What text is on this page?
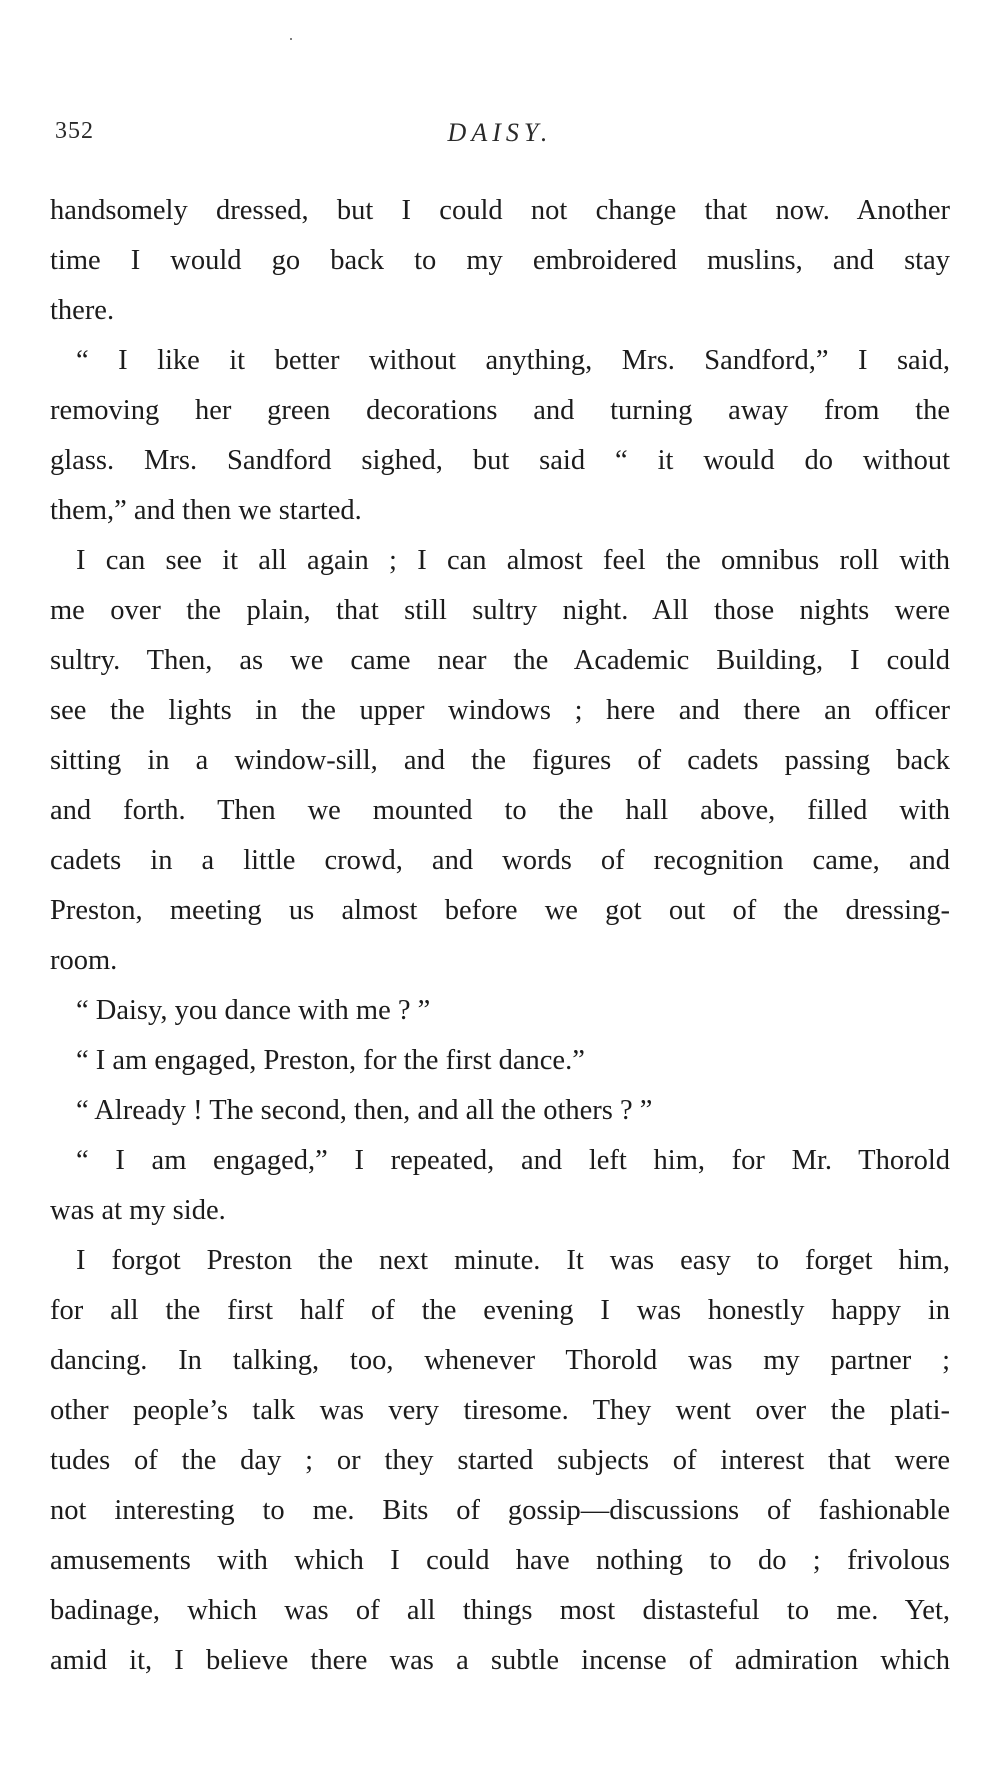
352	DAISY.
handsomely dressed, but I could not change that now. Another
time I would go back to my embroidered muslins, and stay
there.
“ I like it better without anything, Mrs. Sandford,” I said,
removing her green decorations and turning away from the
glass. Mrs. Sandford sighed, but said “ it would do without
them,” and then we started.
I can see it all again ; I can almost feel the omnibus roll with
me over the plain, that still sultry night. All those nights were
sultry. Then, as we came near the Academic Building, I could
see the lights in the upper windows ; here and there an officer
sitting in a window-sill, and the figures of cadets passing back
and forth. Then we mounted to the hall above, filled with
cadets in a little crowd, and words of recognition came, and
Preston, meeting us almost before we got out of the dressing-
room.
“ Daisy, you dance with me ? ”
“ I am engaged, Preston, for the first dance.”
“ Already ! The second, then, and all the others ? ”
“ I am engaged,” I repeated, and left him, for Mr. Thorold
was at my side.
I forgot Preston the next minute. It was easy to forget him,
for all the first half of the evening I was honestly happy in
dancing. In talking, too, whenever Thorold was my partner ;
other people’s talk was very tiresome. They went over the plati-
tudes of the day ; or they started subjects of interest that were
not interesting to me. Bits of gossip—discussions of fashionable
amusements with which I could have nothing to do ; frivolous
badinage, which was of all things most distasteful to me. Yet,
amid it, I believe there was a subtle incense of admiration which
